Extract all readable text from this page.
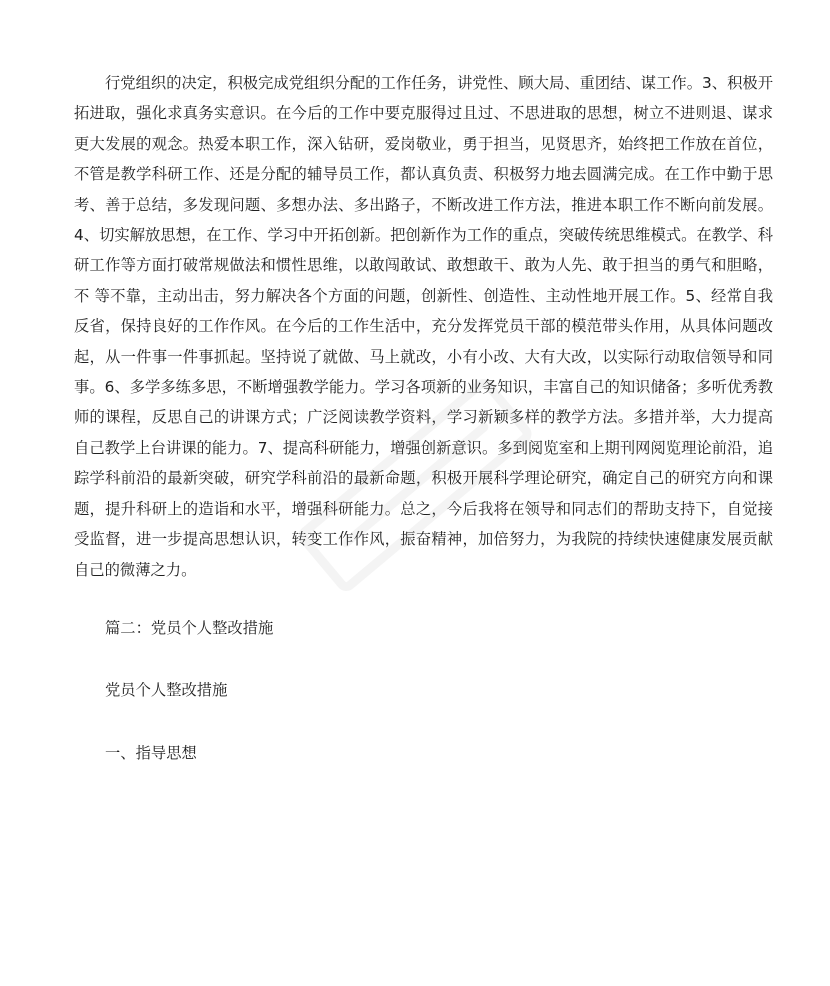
行党组织的决定，积极完成党组织分配的工作任务，讲党性、顾大局、重团结、谋工作。3、积极开拓进取，强化求真务实意识。在今后的工作中要克服得过且过、不思进取的思想，树立不进则退、谋求更大发展的观念。热爱本职工作，深入钻研，爱岗敬业，勇于担当，见贤思齐，始终把工作放在首位，不管是教学科研工作、还是分配的辅导员工作，都认真负责、积极努力地去圆满完成。在工作中勤于思考、善于总结，多发现问题、多想办法、多出路子，不断改进工作方法，推进本职工作不断向前发展。4、切实解放思想，在工作、学习中开拓创新。把创新作为工作的重点，突破传统思维模式。在教学、科研工作等方面打破常规做法和惯性思维，以敢闯敢试、敢想敢干、敢为人先、敢于担当的勇气和胆略，不 等不靠，主动出击，努力解决各个方面的问题，创新性、创造性、主动性地开展工作。5、经常自我反省，保持良好的工作作风。在今后的工作生活中，充分发挥党员干部的模范带头作用，从具体问题改起，从一件事一件事抓起。坚持说了就做、马上就改，小有小改、大有大改，以实际行动取信领导和同事。6、多学多练多思，不断增强教学能力。学习各项新的业务知识，丰富自己的知识储备；多听优秀教师的课程，反思自己的讲课方式；广泛阅读教学资料，学习新颖多样的教学方法。多措并举，大力提高自己教学上台讲课的能力。7、提高科研能力，增强创新意识。多到阅览室和上期刊网阅览理论前沿，追踪学科前沿的最新突破，研究学科前沿的最新命题，积极开展科学理论研究，确定自己的研究方向和课题，提升科研上的造诣和水平，增强科研能力。总之，今后我将在领导和同志们的帮助支持下，自觉接受监督，进一步提高思想认识，转变工作作风，振奋精神，加倍努力，为我院的持续快速健康发展贡献自己的微薄之力。

篇二：党员个人整改措施

党员个人整改措施

一、指导思想
